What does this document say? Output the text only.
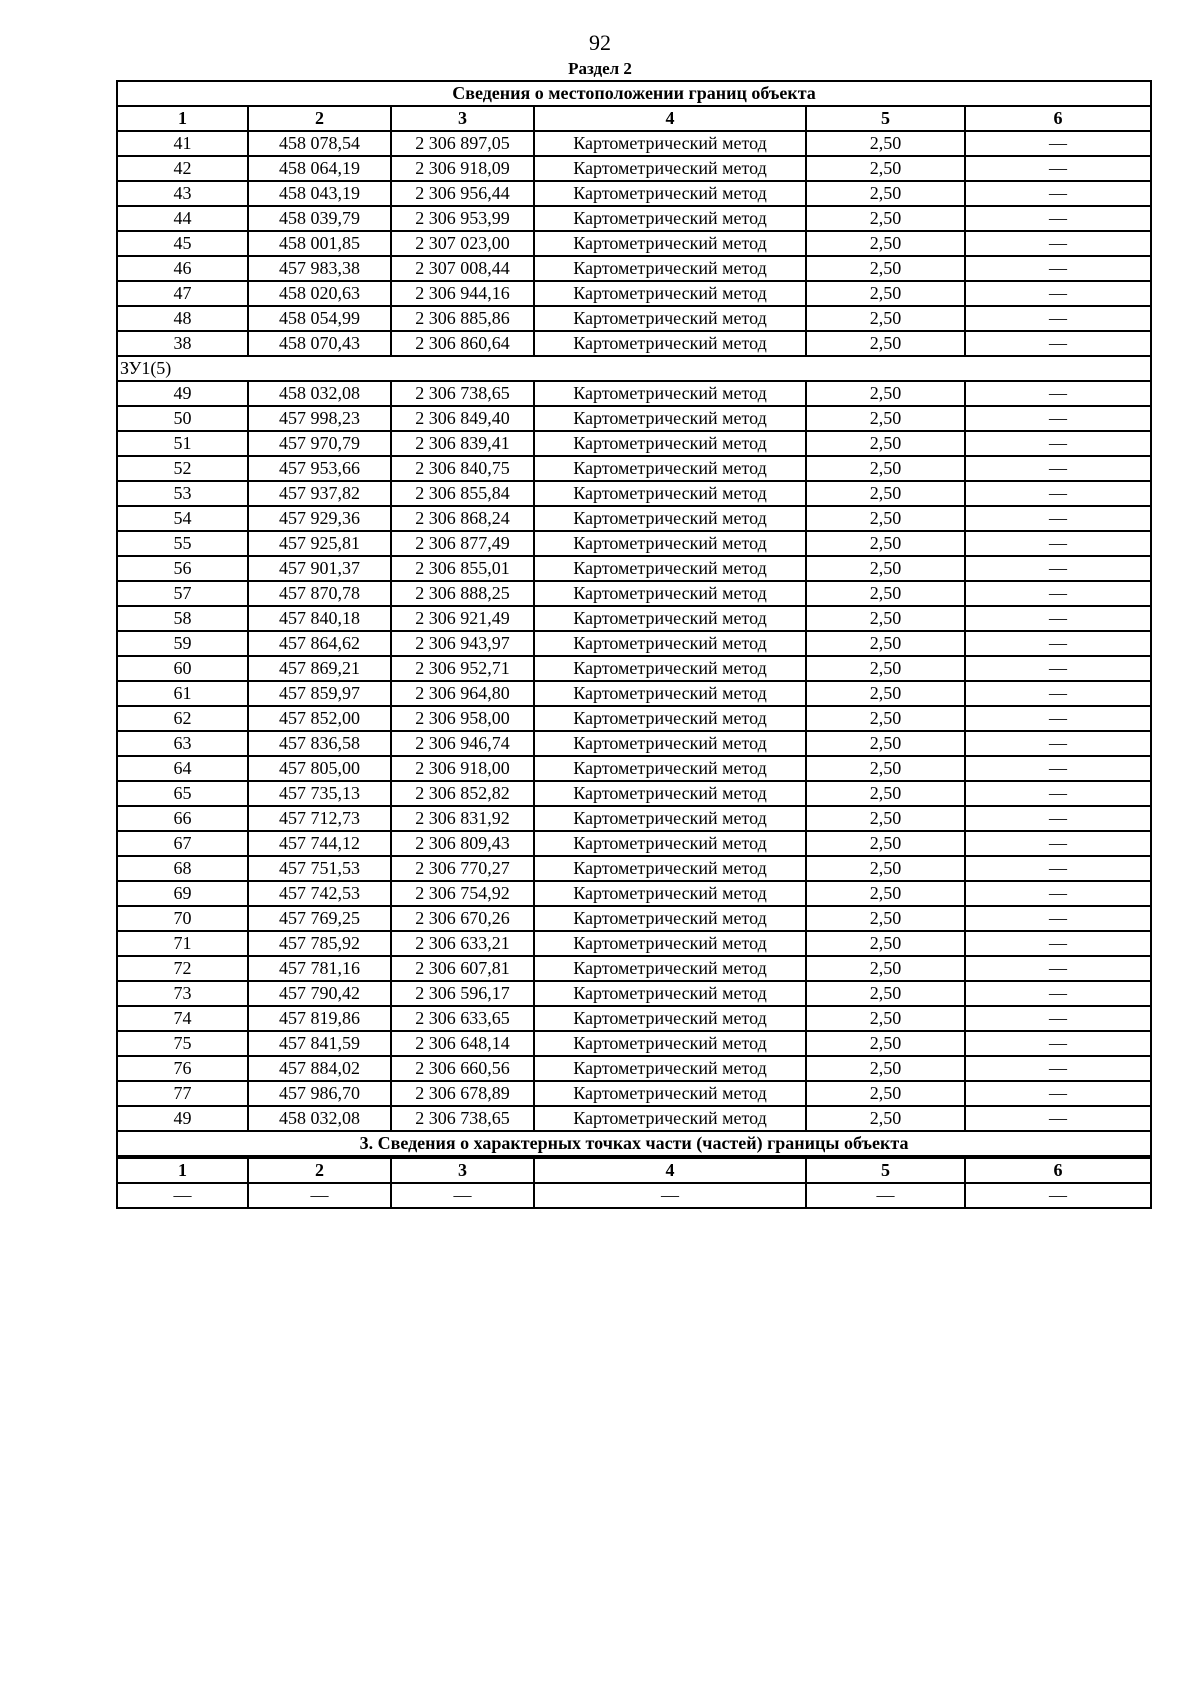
92
Раздел 2
Сведения о местоположении границ объекта					
1	2	3	4	5	6
41	458 078,54	2 306 897,05	Картометрический метод	2,50	—
42	458 064,19	2 306 918,09	Картометрический метод	2,50	—
43	458 043,19	2 306 956,44	Картометрический метод	2,50	—
44	458 039,79	2 306 953,99	Картометрический метод	2,50	—
45	458 001,85	2 307 023,00	Картометрический метод	2,50	—
46	457 983,38	2 307 008,44	Картометрический метод	2,50	—
47	458 020,63	2 306 944,16	Картометрический метод	2,50	—
48	458 054,99	2 306 885,86	Картометрический метод	2,50	—
38	458 070,43	2 306 860,64	Картометрический метод	2,50	—
ЗУ1(5)					
49	458 032,08	2 306 738,65	Картометрический метод	2,50	—
50	457 998,23	2 306 849,40	Картометрический метод	2,50	—
51	457 970,79	2 306 839,41	Картометрический метод	2,50	—
52	457 953,66	2 306 840,75	Картометрический метод	2,50	—
53	457 937,82	2 306 855,84	Картометрический метод	2,50	—
54	457 929,36	2 306 868,24	Картометрический метод	2,50	—
55	457 925,81	2 306 877,49	Картометрический метод	2,50	—
56	457 901,37	2 306 855,01	Картометрический метод	2,50	—
57	457 870,78	2 306 888,25	Картометрический метод	2,50	—
58	457 840,18	2 306 921,49	Картометрический метод	2,50	—
59	457 864,62	2 306 943,97	Картометрический метод	2,50	—
60	457 869,21	2 306 952,71	Картометрический метод	2,50	—
61	457 859,97	2 306 964,80	Картометрический метод	2,50	—
62	457 852,00	2 306 958,00	Картометрический метод	2,50	—
63	457 836,58	2 306 946,74	Картометрический метод	2,50	—
64	457 805,00	2 306 918,00	Картометрический метод	2,50	—
65	457 735,13	2 306 852,82	Картометрический метод	2,50	—
66	457 712,73	2 306 831,92	Картометрический метод	2,50	—
67	457 744,12	2 306 809,43	Картометрический метод	2,50	—
68	457 751,53	2 306 770,27	Картометрический метод	2,50	—
69	457 742,53	2 306 754,92	Картометрический метод	2,50	—
70	457 769,25	2 306 670,26	Картометрический метод	2,50	—
71	457 785,92	2 306 633,21	Картометрический метод	2,50	—
72	457 781,16	2 306 607,81	Картометрический метод	2,50	—
73	457 790,42	2 306 596,17	Картометрический метод	2,50	—
74	457 819,86	2 306 633,65	Картометрический метод	2,50	—
75	457 841,59	2 306 648,14	Картометрический метод	2,50	—
76	457 884,02	2 306 660,56	Картометрический метод	2,50	—
77	457 986,70	2 306 678,89	Картометрический метод	2,50	—
49	458 032,08	2 306 738,65	Картометрический метод	2,50	—
3. Сведения о характерных точках части (частей) границы объекта					
1	2	3	4	5	6
—	—	—	—	—	—
